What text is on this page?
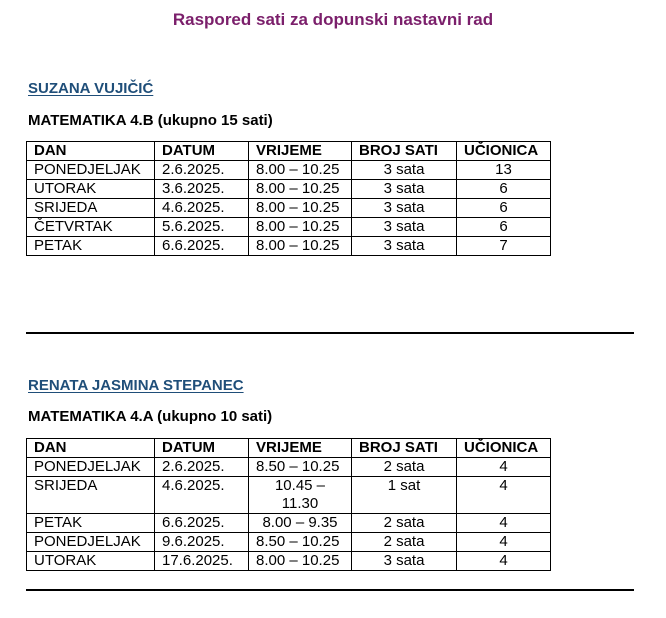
Raspored sati za dopunski nastavni rad
SUZANA VUJIČIĆ
MATEMATIKA 4.B (ukupno 15 sati)
DAN	DATUM	VRIJEME	BROJ SATI	UČIONICA
PONEDJELJAK	2.6.2025.	8.00 – 10.25	3 sata	13
UTORAK	3.6.2025.	8.00 – 10.25	3 sata	6
SRIJEDA	4.6.2025.	8.00 – 10.25	3 sata	6
ČETVRTAK	5.6.2025.	8.00 – 10.25	3 sata	6
PETAK	6.6.2025.	8.00 – 10.25	3 sata	7
RENATA JASMINA STEPANEC
MATEMATIKA 4.A (ukupno 10 sati)
DAN	DATUM	VRIJEME	BROJ SATI	UČIONICA
PONEDJELJAK	2.6.2025.	8.50 – 10.25	2 sata	4
SRIJEDA	4.6.2025.	10.45 – 11.30	1 sat	4
PETAK	6.6.2025.	8.00 – 9.35	2 sata	4
PONEDJELJAK	9.6.2025.	8.50 – 10.25	2 sata	4
UTORAK	17.6.2025.	8.00 – 10.25	3 sata	4
